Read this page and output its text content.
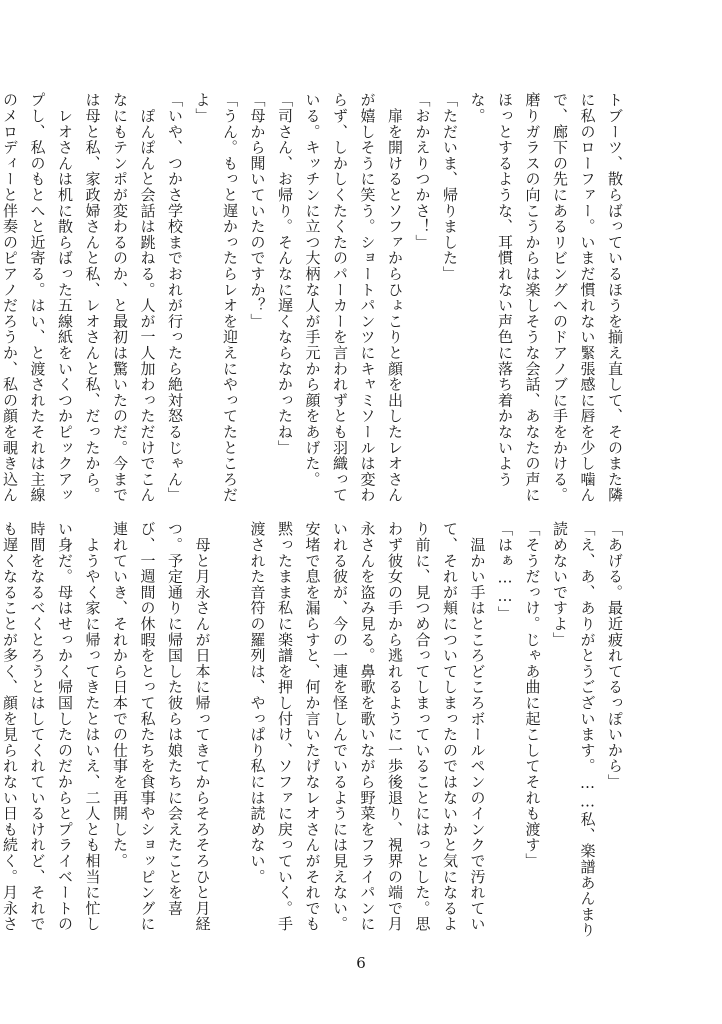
トブーツ、散らばっているほうを揃え直して、そのまた隣
に私のローファー。いまだ慣れない緊張感に唇を少し噛ん
で、廊下の先にあるリビングへのドアノブに手をかける。
磨りガラスの向こうからは楽しそうな会話、あなたの声に
ほっとするような、耳慣れない声色に落ち着かないよう
な。
「ただいま、帰りました」
「おかえりつかさ！」
　扉を開けるとソファからひょこりと顔を出したレオさん
が嬉しそうに笑う。ショートパンツにキャミソールは変わ
らず、しかしくたくたのパーカーを言われずとも羽織って
いる。キッチンに立つ大柄な人が手元から顔をあげた。
「司さん、お帰り。そんなに遅くならなかったね」
「母から聞いていたのですか？」
「うん。もっと遅かったらレオを迎えにやってたところだ
よ」
「いや、つかさ学校までおれが行ったら絶対怒るじゃん」
　ぽんぽんと会話は跳ねる。人が一人加わっただけでこん
なにもテンポが変わるのか、と最初は驚いたのだ。今まで
は母と私、家政婦さんと私、レオさんと私、だったから。
　レオさんは机に散らばった五線紙をいくつかピックアッ
プし、私のもとへと近寄る。はい、と渡されたそれは主線
のメロディーと伴奏のピアノだろうか、私の顔を覗き込ん
「あげる。最近疲れてるっぽいから」
「え、あ、ありがとうございます。……私、楽譜あんまり
読めないですよ」
「そうだっけ。じゃあ曲に起こしてそれも渡す」
「はぁ……」
　温かい手はところどころボールペンのインクで汚れてい
て、それが頬についてしまったのではないかと気になるよ
り前に、見つめ合ってしまっていることにはっとした。思
わず彼女の手から逃れるように一歩後退り、視界の端で月
永さんを盗み見る。鼻歌を歌いながら野菜をフライパンに
いれる彼が、今の一連を怪しんでいるようには見えない。
安堵で息を漏らすと、何か言いたげなレオさんがそれでも
黙ったまま私に楽譜を押し付け、ソファに戻っていく。手
渡された音符の羅列は、やっぱり私には読めない。

　母と月永さんが日本に帰ってきてからそろそろひと月経
つ。予定通りに帰国した彼らは娘たちに会えたことを喜
び、一週間の休暇をとって私たちを食事やショッピングに
連れていき、それから日本での仕事を再開した。
　ようやく家に帰ってきたとはいえ、二人とも相当に忙し
い身だ。母はせっかく帰国したのだからとプライベートの
時間をなるべくとろうとはしてくれているけれど、それで
も遅くなることが多く、顔を見られない日も続く。月永さ
6
